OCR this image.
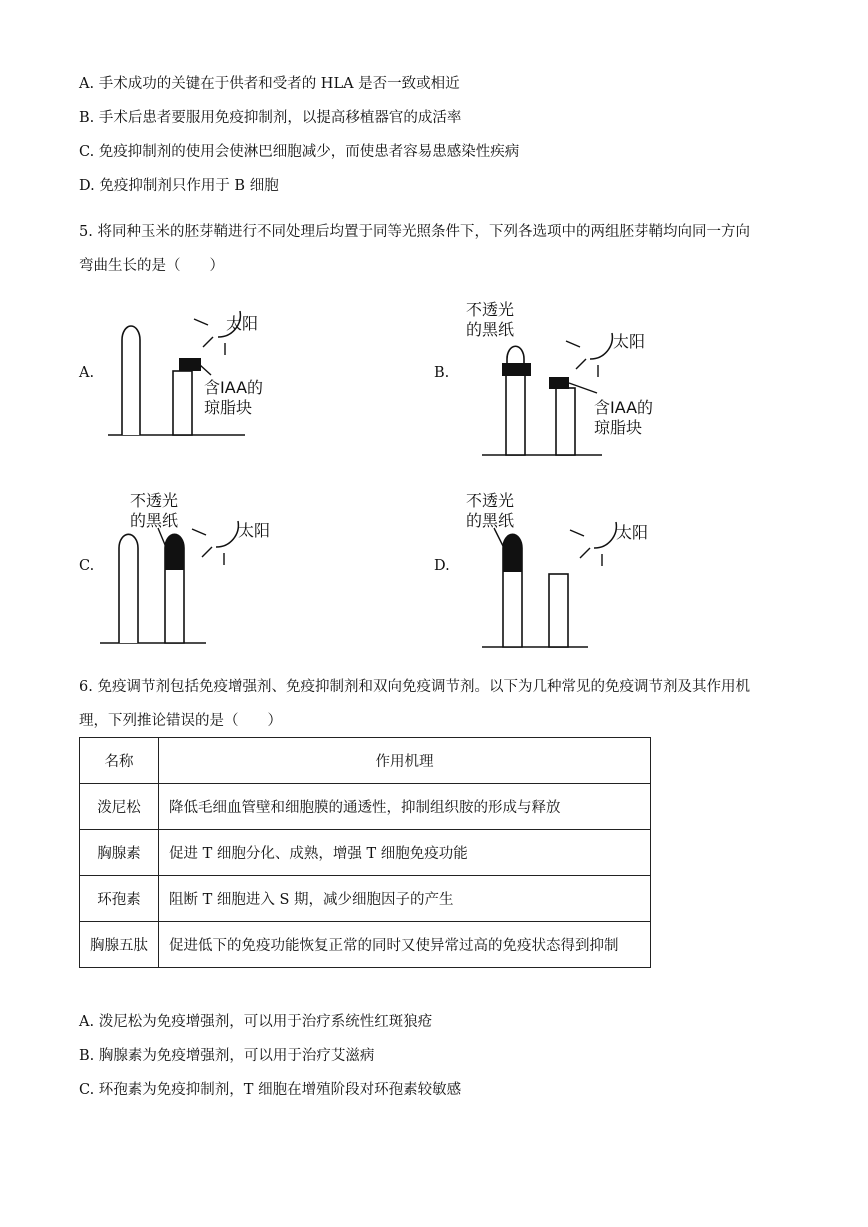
A. 手术成功的关键在于供者和受者的 HLA 是否一致或相近
B. 手术后患者要服用免疫抑制剂，以提高移植器官的成活率
C. 免疫抑制剂的使用会使淋巴细胞减少，而使患者容易患感染性疾病
D. 免疫抑制剂只作用于 B 细胞
5. 将同种玉米的胚芽鞘进行不同处理后均置于同等光照条件下，下列各选项中的两组胚芽鞘均向同一方向
弯曲生长的是（　　）
A.	B.
C.	D.
含IAA的
琼脂块
太阳
不透光
的黑纸
含IAA的
琼脂块
太阳
不透光
的黑纸
太阳
不透光
的黑纸
太阳
6. 免疫调节剂包括免疫增强剂、免疫抑制剂和双向免疫调节剂。以下为几种常见的免疫调节剂及其作用机
理，下列推论错误的是（　　）
名称	作用机理
泼尼松	降低毛细血管壁和细胞膜的通透性，抑制组织胺的形成与释放
胸腺素	促进 T 细胞分化、成熟，增强 T 细胞免疫功能
环孢素	阻断 T 细胞进入 S 期，减少细胞因子的产生
胸腺五肽	促进低下的免疫功能恢复正常的同时又使异常过高的免疫状态得到抑制
A. 泼尼松为免疫增强剂，可以用于治疗系统性红斑狼疮
B. 胸腺素为免疫增强剂，可以用于治疗艾滋病
C. 环孢素为免疫抑制剂，T 细胞在增殖阶段对环孢素较敏感
